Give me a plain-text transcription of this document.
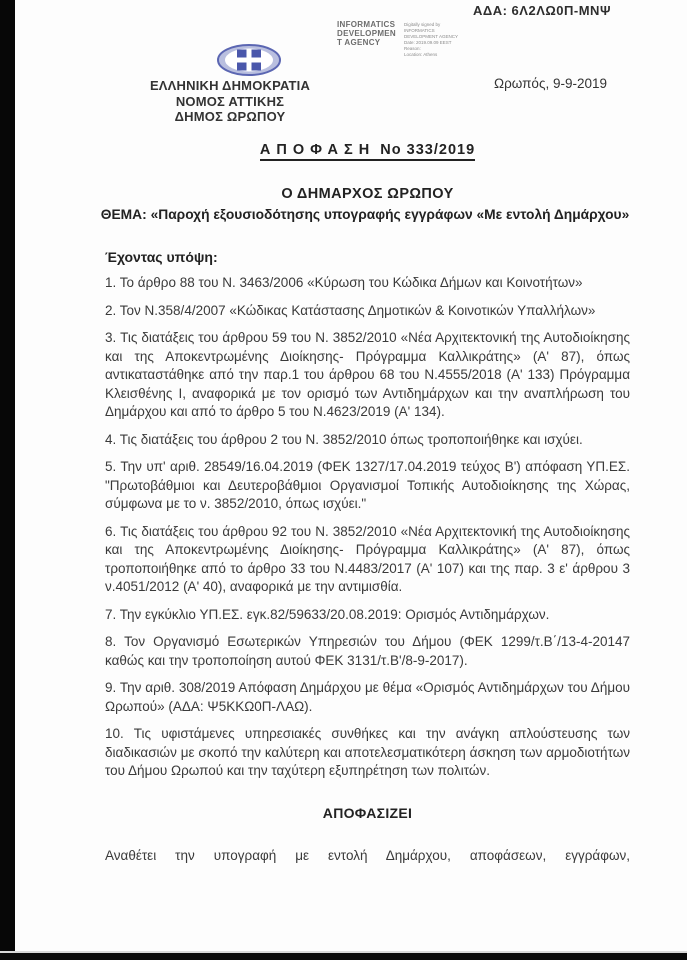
ΑΔΑ: 6Λ2ΛΩ0Π-ΜΝΨ
INFORMATICS
DEVELOPMEN
T AGENCY
Digitally signed by
INFORMATICS
DEVELOPMENT AGENCY
Date: 2019.09.09 EEST
Reason:
Location: Athens
ΕΛΛΗΝΙΚΗ ΔΗΜΟΚΡΑΤΙΑ
ΝΟΜΟΣ ΑΤΤΙΚΗΣ
ΔΗΜΟΣ ΩΡΩΠΟΥ
Ωρωπός, 9-9-2019
Α Π Ο Φ Α Σ Η  Νο 333/2019
Ο ΔΗΜΑΡΧΟΣ ΩΡΩΠΟΥ
ΘΕΜΑ: «Παροχή εξουσιοδότησης υπογραφής εγγράφων «Με εντολή Δημάρχου»
Έχοντας υπόψη:

1. Το άρθρο 88 του Ν. 3463/2006 «Κύρωση του Κώδικα Δήμων και Κοινοτήτων»

2. Τον Ν.358/4/2007 «Κώδικας Κατάστασης Δημοτικών & Κοινοτικών Υπαλλήλων»

3. Τις διατάξεις του άρθρου 59 του Ν. 3852/2010 «Νέα Αρχιτεκτονική της Αυτοδιοίκησης και της Αποκεντρωμένης Διοίκησης- Πρόγραμμα Καλλικράτης» (Α' 87), όπως αντικαταστάθηκε από την παρ.1 του άρθρου 68 του Ν.4555/2018 (Α' 133) Πρόγραμμα Κλεισθένης Ι, αναφορικά με τον ορισμό των Αντιδημάρχων και την αναπλήρωση του Δημάρχου και από το άρθρο 5 του Ν.4623/2019 (Α' 134).

4. Τις διατάξεις του άρθρου 2 του Ν. 3852/2010 όπως τροποποιήθηκε και ισχύει.

5. Την υπ' αριθ. 28549/16.04.2019 (ΦΕΚ 1327/17.04.2019 τεύχος Β') απόφαση ΥΠ.ΕΣ. "Πρωτοβάθμιοι και Δευτεροβάθμιοι Οργανισμοί Τοπικής Αυτοδιοίκησης της Χώρας, σύμφωνα με το ν. 3852/2010, όπως ισχύει."

6. Τις διατάξεις του άρθρου 92 του Ν. 3852/2010 «Νέα Αρχιτεκτονική της Αυτοδιοίκησης και της Αποκεντρωμένης Διοίκησης- Πρόγραμμα Καλλικράτης» (Α' 87), όπως τροποποιήθηκε από το άρθρο 33 του Ν.4483/2017 (Α' 107) και της παρ. 3 ε' άρθρου 3 ν.4051/2012 (Α' 40), αναφορικά με την αντιμισθία.

7. Την εγκύκλιο ΥΠ.ΕΣ. εγκ.82/59633/20.08.2019: Ορισμός Αντιδημάρχων.

8. Τον Οργανισμό Εσωτερικών Υπηρεσιών του Δήμου (ΦΕΚ 1299/τ.Β΄/13-4-20147 καθώς και την τροποποίηση αυτού ΦΕΚ 3131/τ.Β'/8-9-2017).

9. Την αριθ. 308/2019 Απόφαση Δημάρχου με θέμα «Ορισμός Αντιδημάρχων του Δήμου Ωρωπού» (ΑΔΑ: Ψ5ΚΚΩ0Π-ΛΑΩ).

10. Τις υφιστάμενες υπηρεσιακές συνθήκες και την ανάγκη απλούστευσης των διαδικασιών με σκοπό την καλύτερη και αποτελεσματικότερη άσκηση των αρμοδιοτήτων του Δήμου Ωρωπού και την ταχύτερη εξυπηρέτηση των πολιτών.

ΑΠΟΦΑΣΙΖΕΙ

Αναθέτει την υπογραφή με εντολή Δημάρχου, αποφάσεων, εγγράφων,
